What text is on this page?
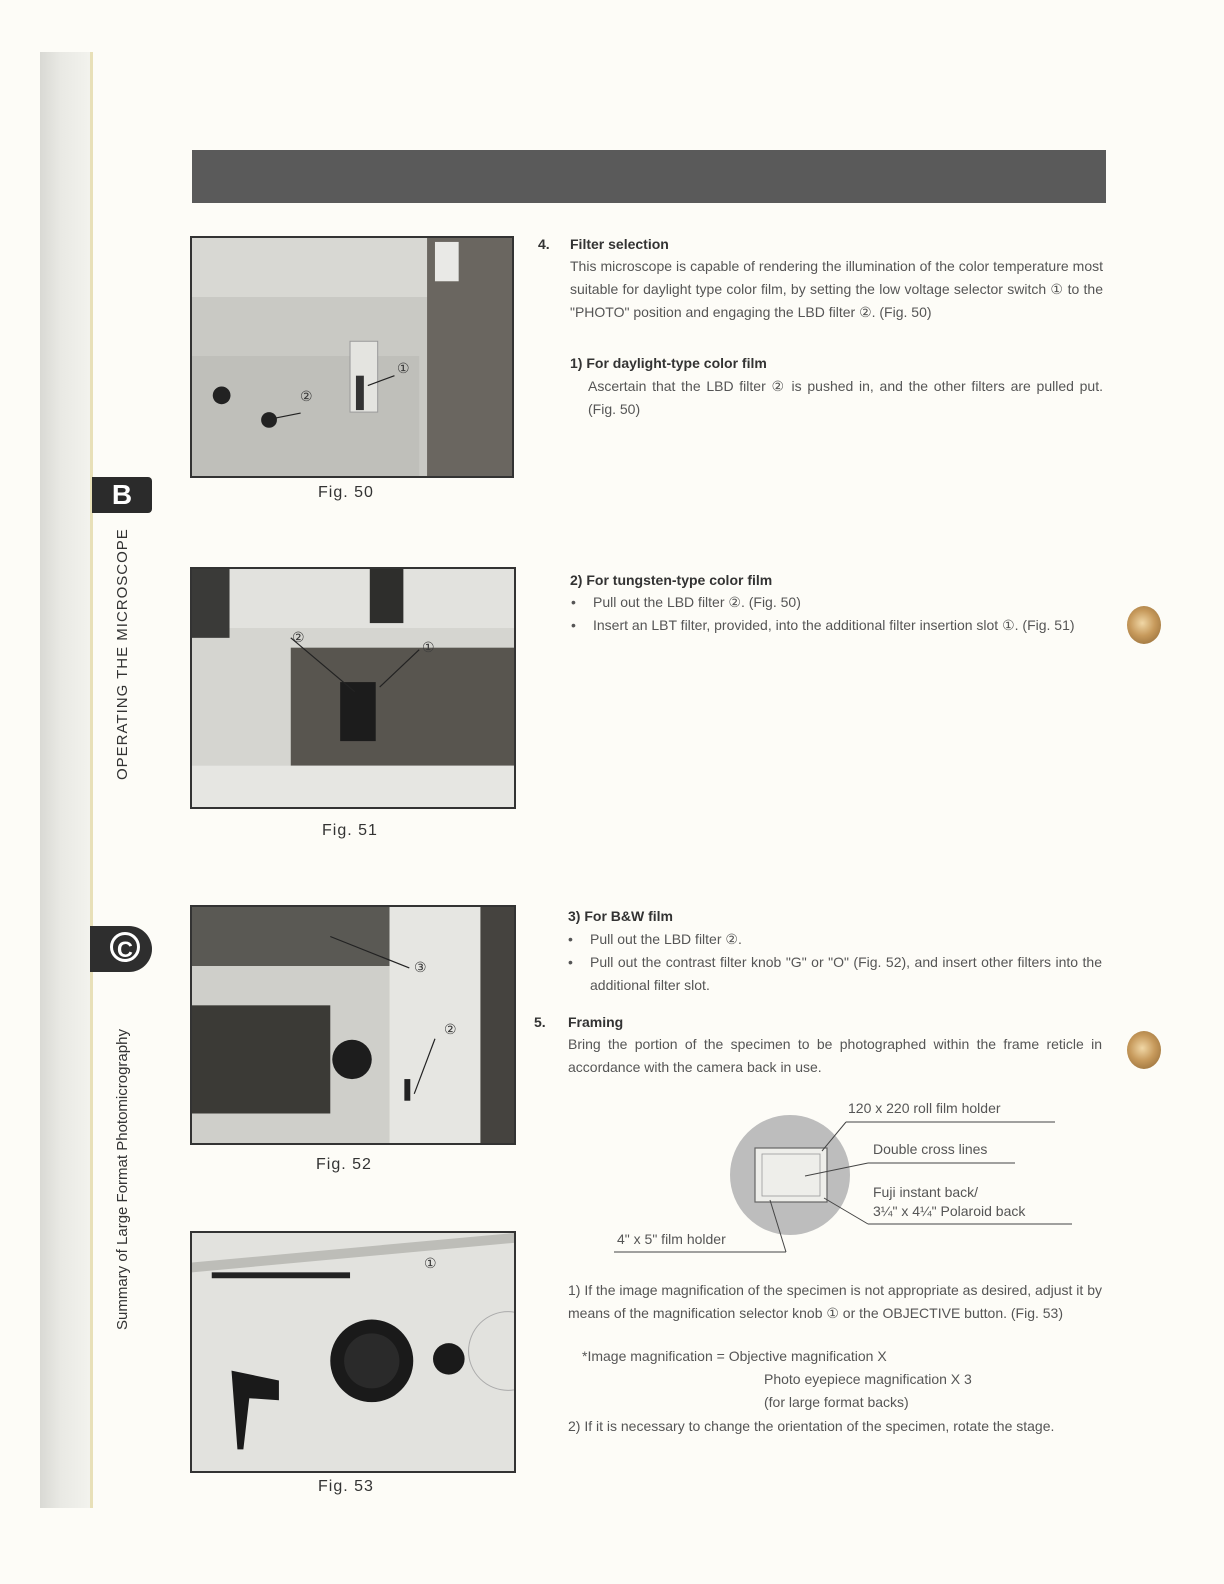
B
OPERATING THE MICROSCOPE
C
Summary of Large Format Photomicrography
①
②
Fig. 50
②
①
Fig. 51
③
②
Fig. 52
①
Fig. 53
4. Filter selection
This microscope is capable of rendering the illumination of the color temperature most suitable for daylight type color film, by setting the low voltage selector switch ① to the "PHOTO" position and engaging the LBD filter ②. (Fig. 50)
1) For daylight-type color film
Ascertain that the LBD filter ② is pushed in, and the other filters are pulled put. (Fig. 50)
2) For tungsten-type color film
• Pull out the LBD filter ②. (Fig. 50)
• Insert an LBT filter, provided, into the additional filter insertion slot ①. (Fig. 51)
3) For B&W film
• Pull out the LBD filter ②.
• Pull out the contrast filter knob "G" or "O" (Fig. 52), and insert other filters into the additional filter slot.
5. Framing
Bring the portion of the specimen to be photographed within the frame reticle in accordance with the camera back in use.
120 x 220 roll film holder
Double cross lines
Fuji instant back/
3¼" x 4¼" Polaroid back
4" x 5" film holder
1) If the image magnification of the specimen is not appropriate as desired, adjust it by means of the magnification selector knob ① or the OBJECTIVE button. (Fig. 53)
*Image magnification = Objective magnification X
Photo eyepiece magnification X 3
(for large format backs)
2) If it is necessary to change the orientation of the specimen, rotate the stage.
